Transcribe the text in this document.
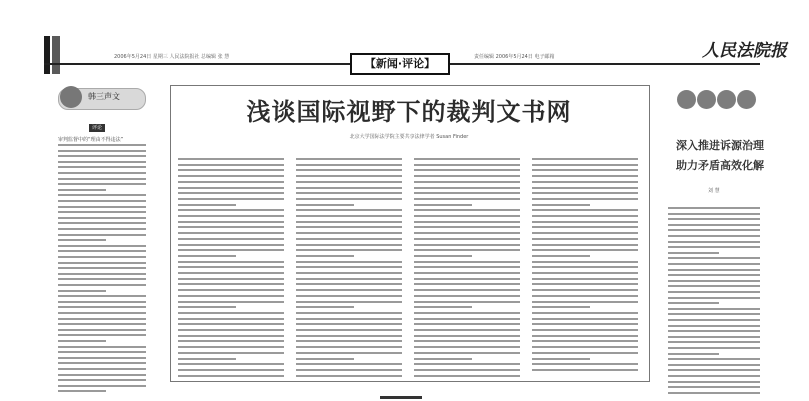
2006年5月24日 星期三 人民法院报社 总编辑 张 慧	【新闻·评论】	责任编辑 2006年5月24日 电子邮箱	人民法院报
韩三声文
评论
审判监督中的“理由不得违法”
浅谈国际视野下的裁判文书网
北京大学国际法学院主要共享法律学者 Susan Finder
深入推进诉源治理
助力矛盾高效化解
刘 慧
